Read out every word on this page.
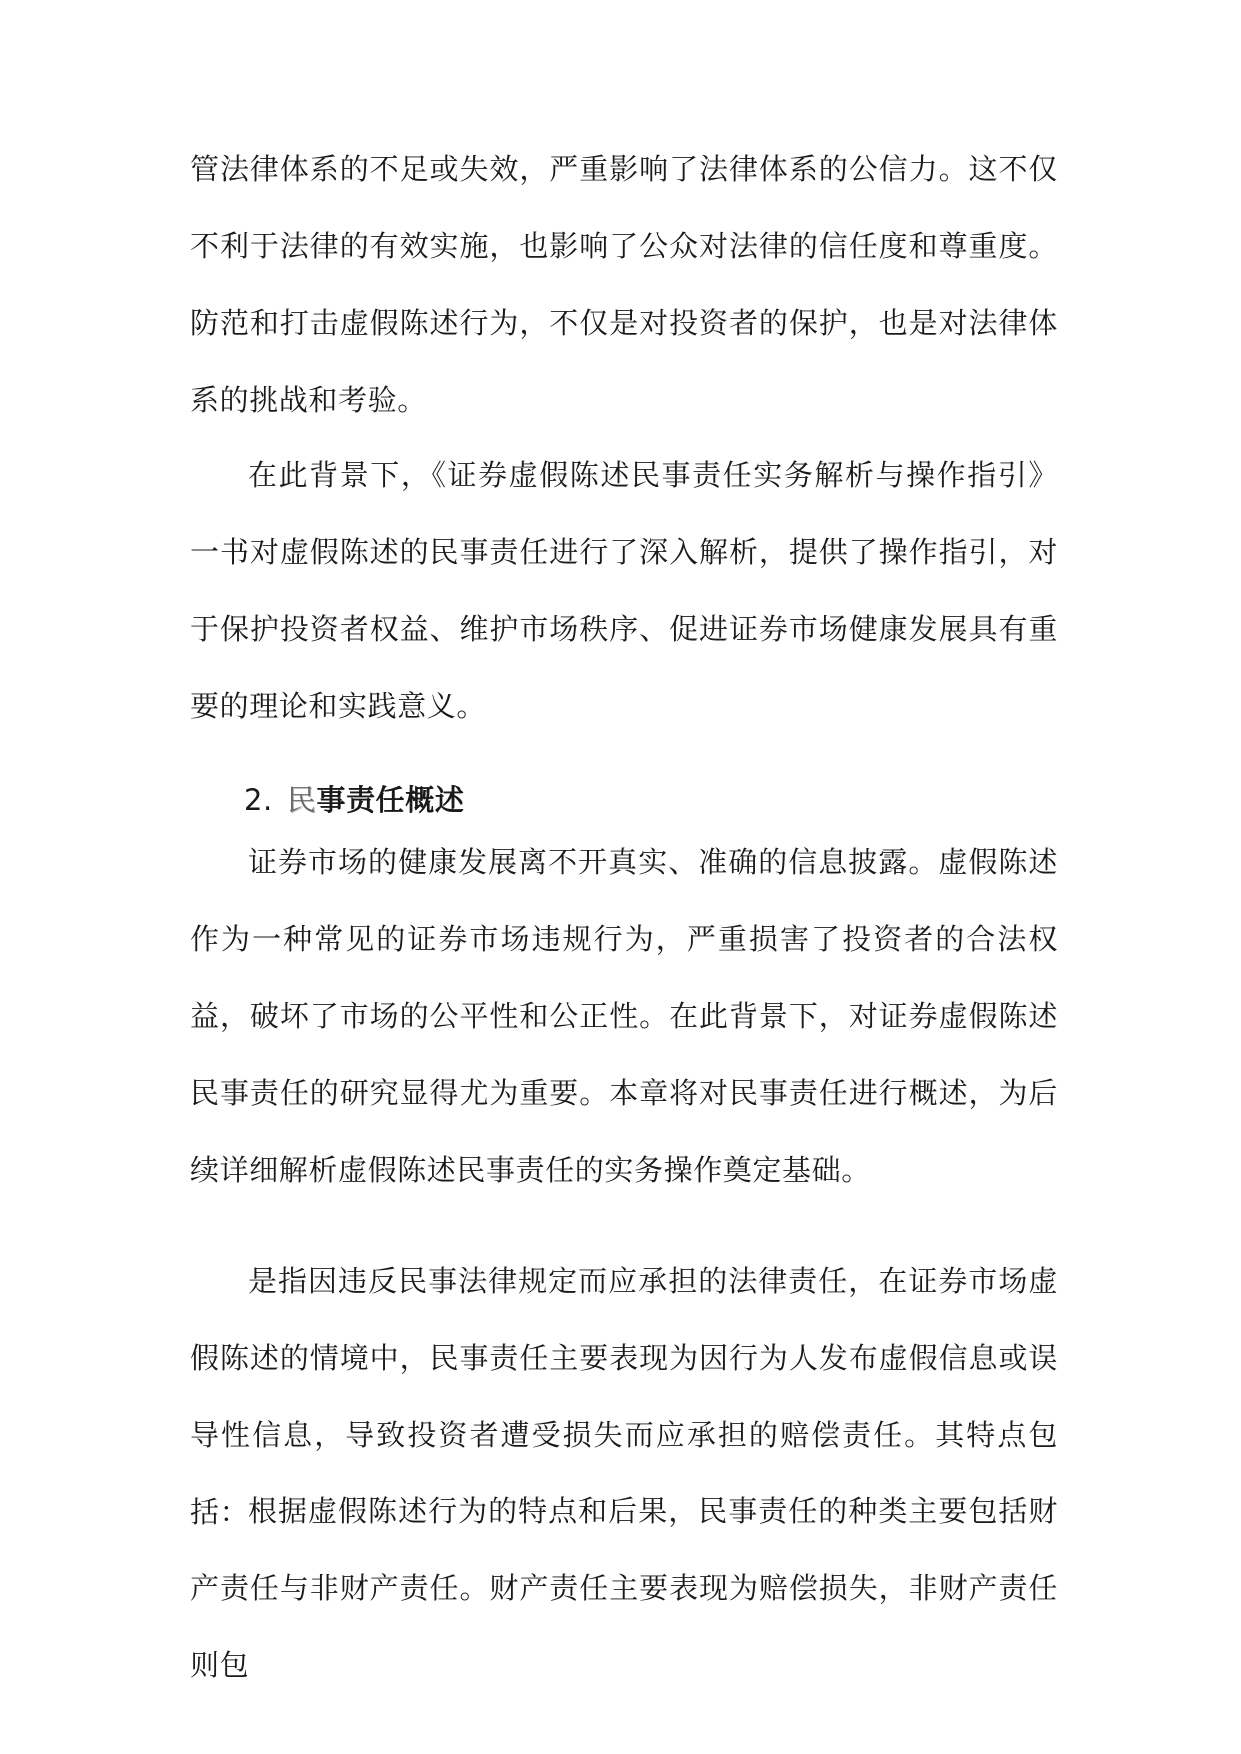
管法律体系的不足或失效，严重影响了法律体系的公信力。这不仅不利于法律的有效实施，也影响了公众对法律的信任度和尊重度。防范和打击虚假陈述行为，不仅是对投资者的保护，也是对法律体系的挑战和考验。

在此背景下，《证券虚假陈述民事责任实务解析与操作指引》一书对虚假陈述的民事责任进行了深入解析，提供了操作指引，对于保护投资者权益、维护市场秩序、促进证券市场健康发展具有重要的理论和实践意义。

2. 民事责任概述

证券市场的健康发展离不开真实、准确的信息披露。虚假陈述作为一种常见的证券市场违规行为，严重损害了投资者的合法权益，破坏了市场的公平性和公正性。在此背景下，对证券虚假陈述民事责任的研究显得尤为重要。本章将对民事责任进行概述，为后续详细解析虚假陈述民事责任的实务操作奠定基础。

是指因违反民事法律规定而应承担的法律责任，在证券市场虚假陈述的情境中，民事责任主要表现为因行为人发布虚假信息或误导性信息，导致投资者遭受损失而应承担的赔偿责任。其特点包括：

根据虚假陈述行为的特点和后果，民事责任的种类主要包括财产责任与非财产责任。财产责任主要表现为赔偿损失，非财产责任则包
